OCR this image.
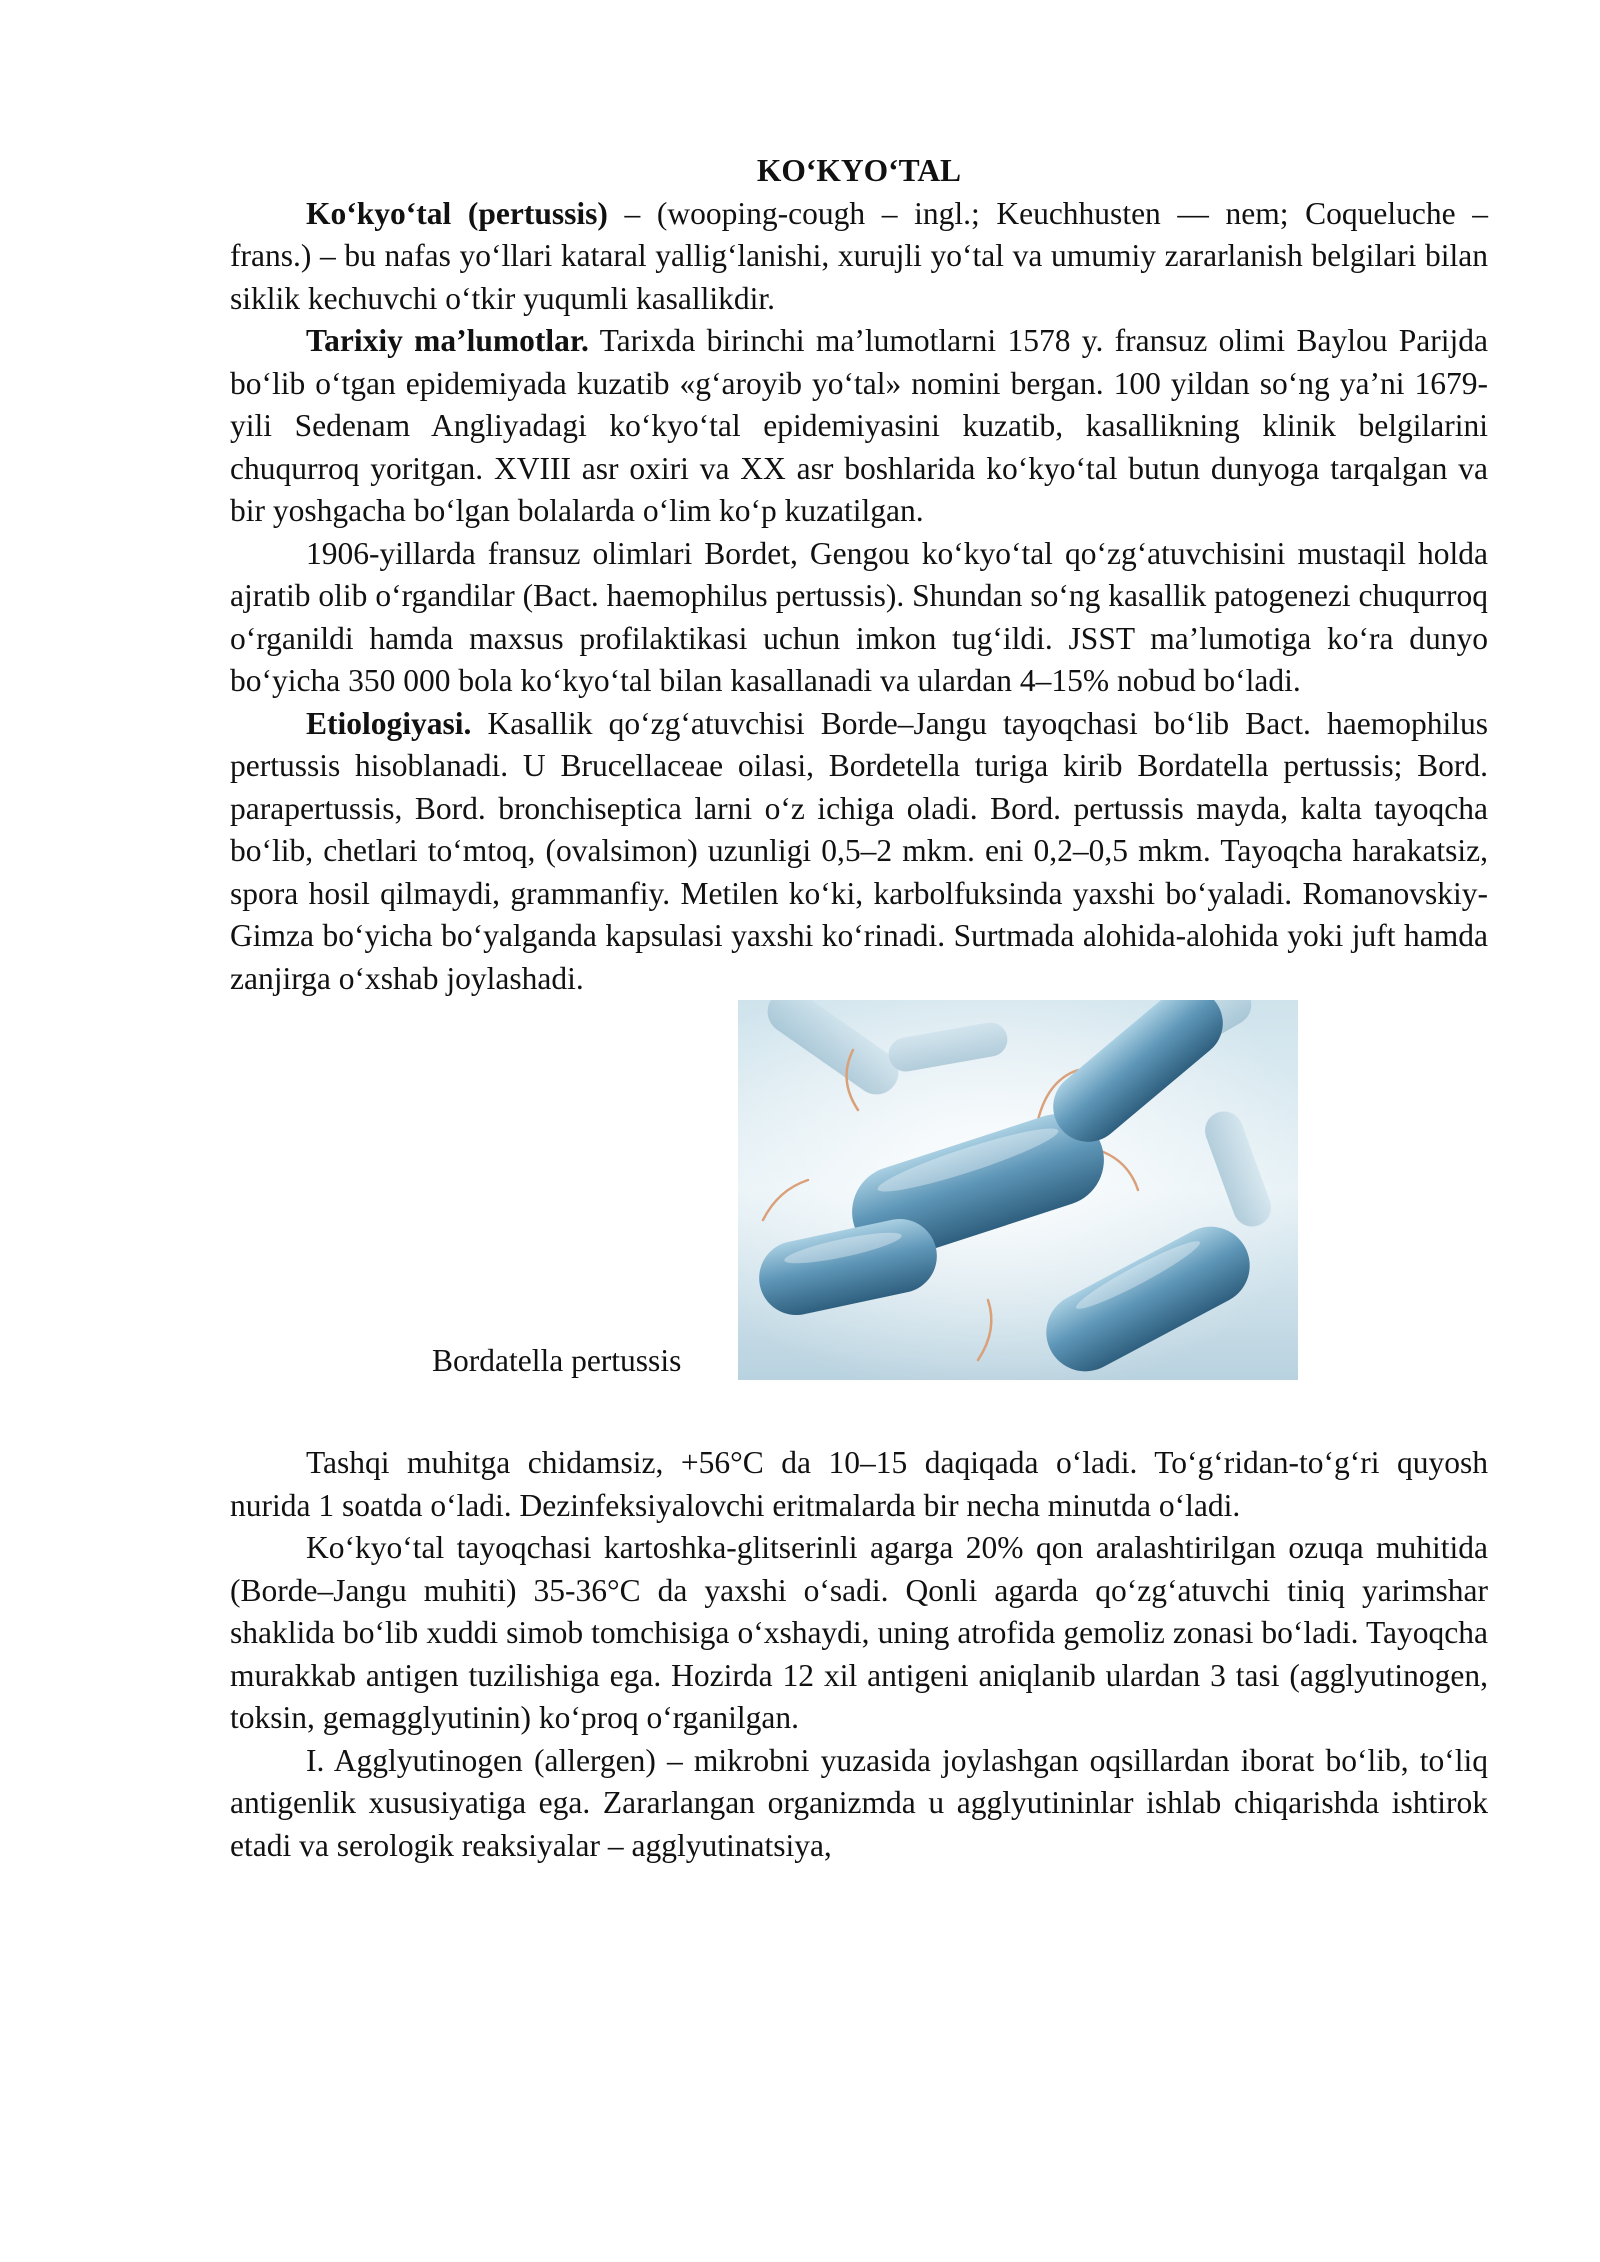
KO‘KYO‘TAL

Ko‘kyo‘tal (pertussis) – (wooping-cough – ingl.; Keuchhusten — nem; Coqueluche – frans.) – bu nafas yo‘llari kataral yallig‘lanishi, xurujli yo‘tal va umumiy zararlanish belgilari bilan siklik kechuvchi o‘tkir yuqumli kasallikdir.

Tarixiy ma’lumotlar. Tarixda birinchi ma’lumotlarni 1578 y. fransuz olimi Baylou Parijda bo‘lib o‘tgan epidemiyada kuzatib «g‘aroyib yo‘tal» nomini bergan. 100 yildan so‘ng ya’ni 1679-yili Sedenam Angliyadagi ko‘kyo‘tal epidemiyasini kuzatib, kasallikning klinik belgilarini chuqurroq yoritgan. XVIII asr oxiri va XX asr boshlarida ko‘kyo‘tal butun dunyoga tarqalgan va bir yoshgacha bo‘lgan bolalarda o‘lim ko‘p kuzatilgan.

1906-yillarda fransuz olimlari Bordet, Gengou ko‘kyo‘tal qo‘zg‘atuvchisini mustaqil holda ajratib olib o‘rgandilar (Bact. haemophilus pertussis). Shundan so‘ng kasallik patogenezi chuqurroq o‘rganildi hamda maxsus profilaktikasi uchun imkon tug‘ildi. JSST ma’lumotiga ko‘ra dunyo bo‘yicha 350 000 bola ko‘kyo‘tal bilan kasallanadi va ulardan 4–15% nobud bo‘ladi.

Etiologiyasi. Kasallik qo‘zg‘atuvchisi Borde–Jangu tayoqchasi bo‘lib Bact. haemophilus pertussis hisoblanadi. U Brucellaceae oilasi, Bordetella turiga kirib Bordatella pertussis; Bord. parapertussis, Bord. bronchiseptica larni o‘z ichiga oladi. Bord. pertussis mayda, kalta tayoqcha bo‘lib, chetlari to‘mtoq, (ovalsimon) uzunligi 0,5–2 mkm. eni 0,2–0,5 mkm. Tayoqcha harakatsiz, spora hosil qilmaydi, grammanfiy. Metilen ko‘ki, karbolfuksinda yaxshi bo‘yaladi. Romanovskiy-Gimza bo‘yicha bo‘yalganda kapsulasi yaxshi ko‘rinadi. Surtmada alohida-alohida yoki juft hamda zanjirga o‘xshab joylashadi.

Bordatella pertussis

Tashqi muhitga chidamsiz, +56°C da 10–15 daqiqada o‘ladi. To‘g‘ridan-to‘g‘ri quyosh nurida 1 soatda o‘ladi. Dezinfeksiyalovchi eritmalarda bir necha minutda o‘ladi.

Ko‘kyo‘tal tayoqchasi kartoshka-glitserinli agarga 20% qon aralashtirilgan ozuqa muhitida (Borde–Jangu muhiti) 35-36°C da yaxshi o‘sadi. Qonli agarda qo‘zg‘atuvchi tiniq yarimshar shaklida bo‘lib xuddi simob tomchisiga o‘xshaydi, uning atrofida gemoliz zonasi bo‘ladi. Tayoqcha murakkab antigen tuzilishiga ega. Hozirda 12 xil antigeni aniqlanib ulardan 3 tasi (agglyutinogen, toksin, gemagglyutinin) ko‘proq o‘rganilgan.

I. Agglyutinogen (allergen) – mikrobni yuzasida joylashgan oqsillardan iborat bo‘lib, to‘liq antigenlik xususiyatiga ega. Zararlangan organizmda u agglyutininlar ishlab chiqarishda ishtirok etadi va serologik reaksiyalar – agglyutinatsiya,
